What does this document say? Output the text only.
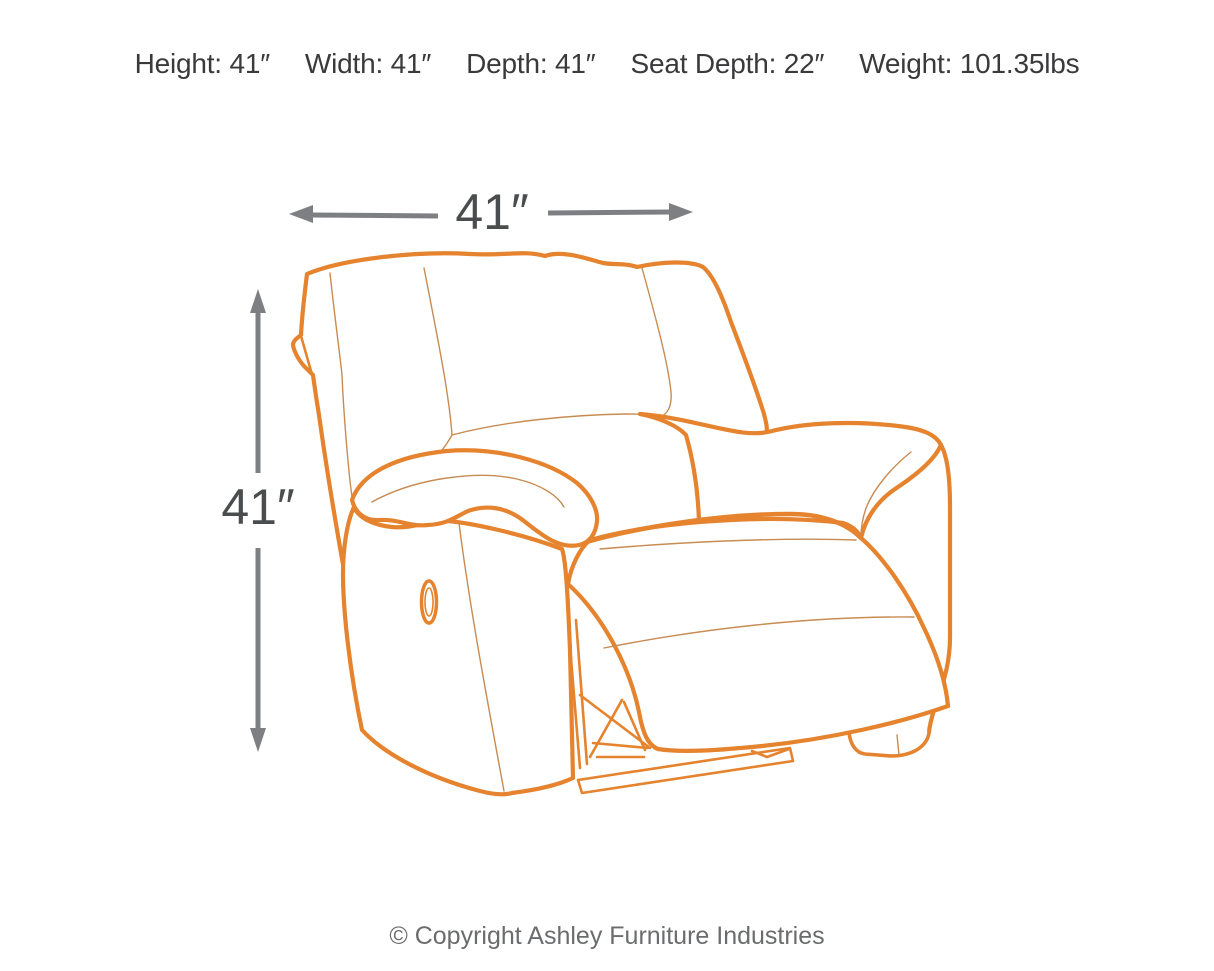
Height: 41″ Width: 41″ Depth: 41″ Seat Depth: 22″ Weight: 101.35lbs
41″
41″
© Copyright Ashley Furniture Industries
